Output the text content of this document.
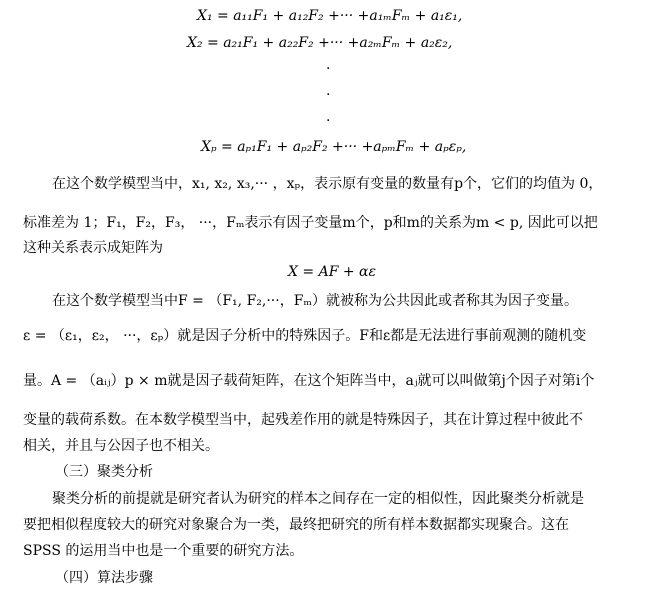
X₁ = a₁₁F₁ + a₁₂F₂ +··· +a₁ₘFₘ + a₁ε₁,
X₂ = a₂₁F₁ + a₂₂F₂ +··· +a₂ₘFₘ + a₂ε₂,
·
·
·
Xₚ = aₚ₁F₁ + aₚ₂F₂ +··· +aₚₘFₘ + aₚεₚ,
在这个数学模型当中，x₁, x₂, x₃,··· ，xₚ，表示原有变量的数量有p个，它们的均值为 0，
标准差为 1；F₁，F₂，F₃， ···，Fₘ表示有因子变量m个，p和m的关系为m < p, 因此可以把
这种关系表示成矩阵为
X = AF + αε
在这个数学模型当中F = （F₁, F₂,···，Fₘ）就被称为公共因此或者称其为因子变量。
ε = （ε₁，ε₂， ···，εₚ）就是因子分析中的特殊因子。F和ε都是无法进行事前观测的随机变
量。A = （aᵢⱼ）p × m就是因子载荷矩阵，在这个矩阵当中，aⱼ就可以叫做第j个因子对第i个
变量的载荷系数。在本数学模型当中，起残差作用的就是特殊因子，其在计算过程中彼此不
相关，并且与公因子也不相关。
（三）聚类分析
聚类分析的前提就是研究者认为研究的样本之间存在一定的相似性，因此聚类分析就是
要把相似程度较大的研究对象聚合为一类，最终把研究的所有样本数据都实现聚合。这在
SPSS 的运用当中也是一个重要的研究方法。
（四）算法步骤
